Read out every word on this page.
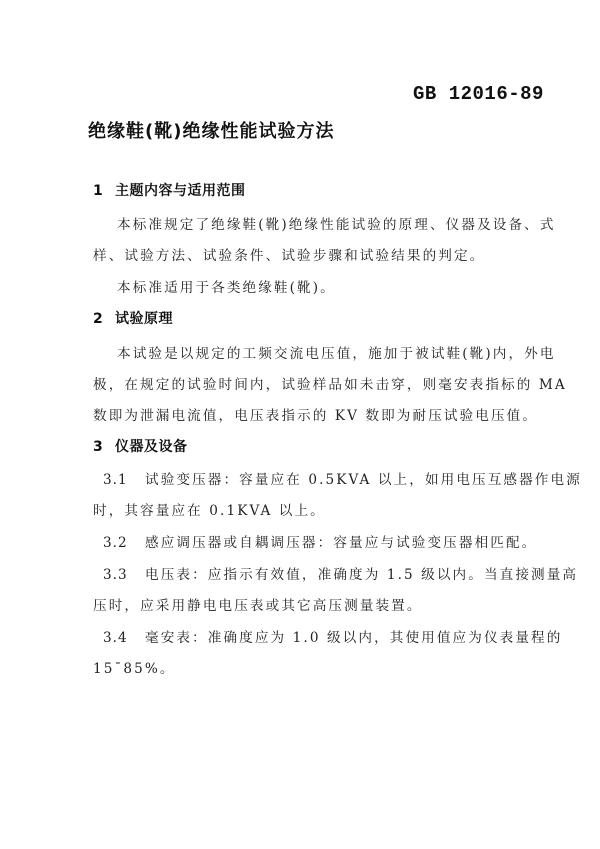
GB 12016-89
绝缘鞋(靴)绝缘性能试验方法
1 主题内容与适用范围
本标准规定了绝缘鞋(靴)绝缘性能试验的原理、仪器及设备、式
样、试验方法、试验条件、试验步骤和试验结果的判定。
本标准适用于各类绝缘鞋(靴)。
2 试验原理
本试验是以规定的工频交流电压值，施加于被试鞋(靴)内，外电
极，在规定的试验时间内，试验样品如未击穿，则毫安表指标的 MA
数即为泄漏电流值，电压表指示的 KV 数即为耐压试验电压值。
3 仪器及设备
3.1 试验变压器：容量应在 0.5KVA 以上，如用电压互感器作电源
时，其容量应在 0.1KVA 以上。
3.2 感应调压器或自耦调压器：容量应与试验变压器相匹配。
3.3 电压表：应指示有效值，准确度为 1.5 级以内。当直接测量高
压时，应采用静电电压表或其它高压测量装置。
3.4 毫安表：准确度应为 1.0 级以内，其使用值应为仪表量程的
15¯85%。
